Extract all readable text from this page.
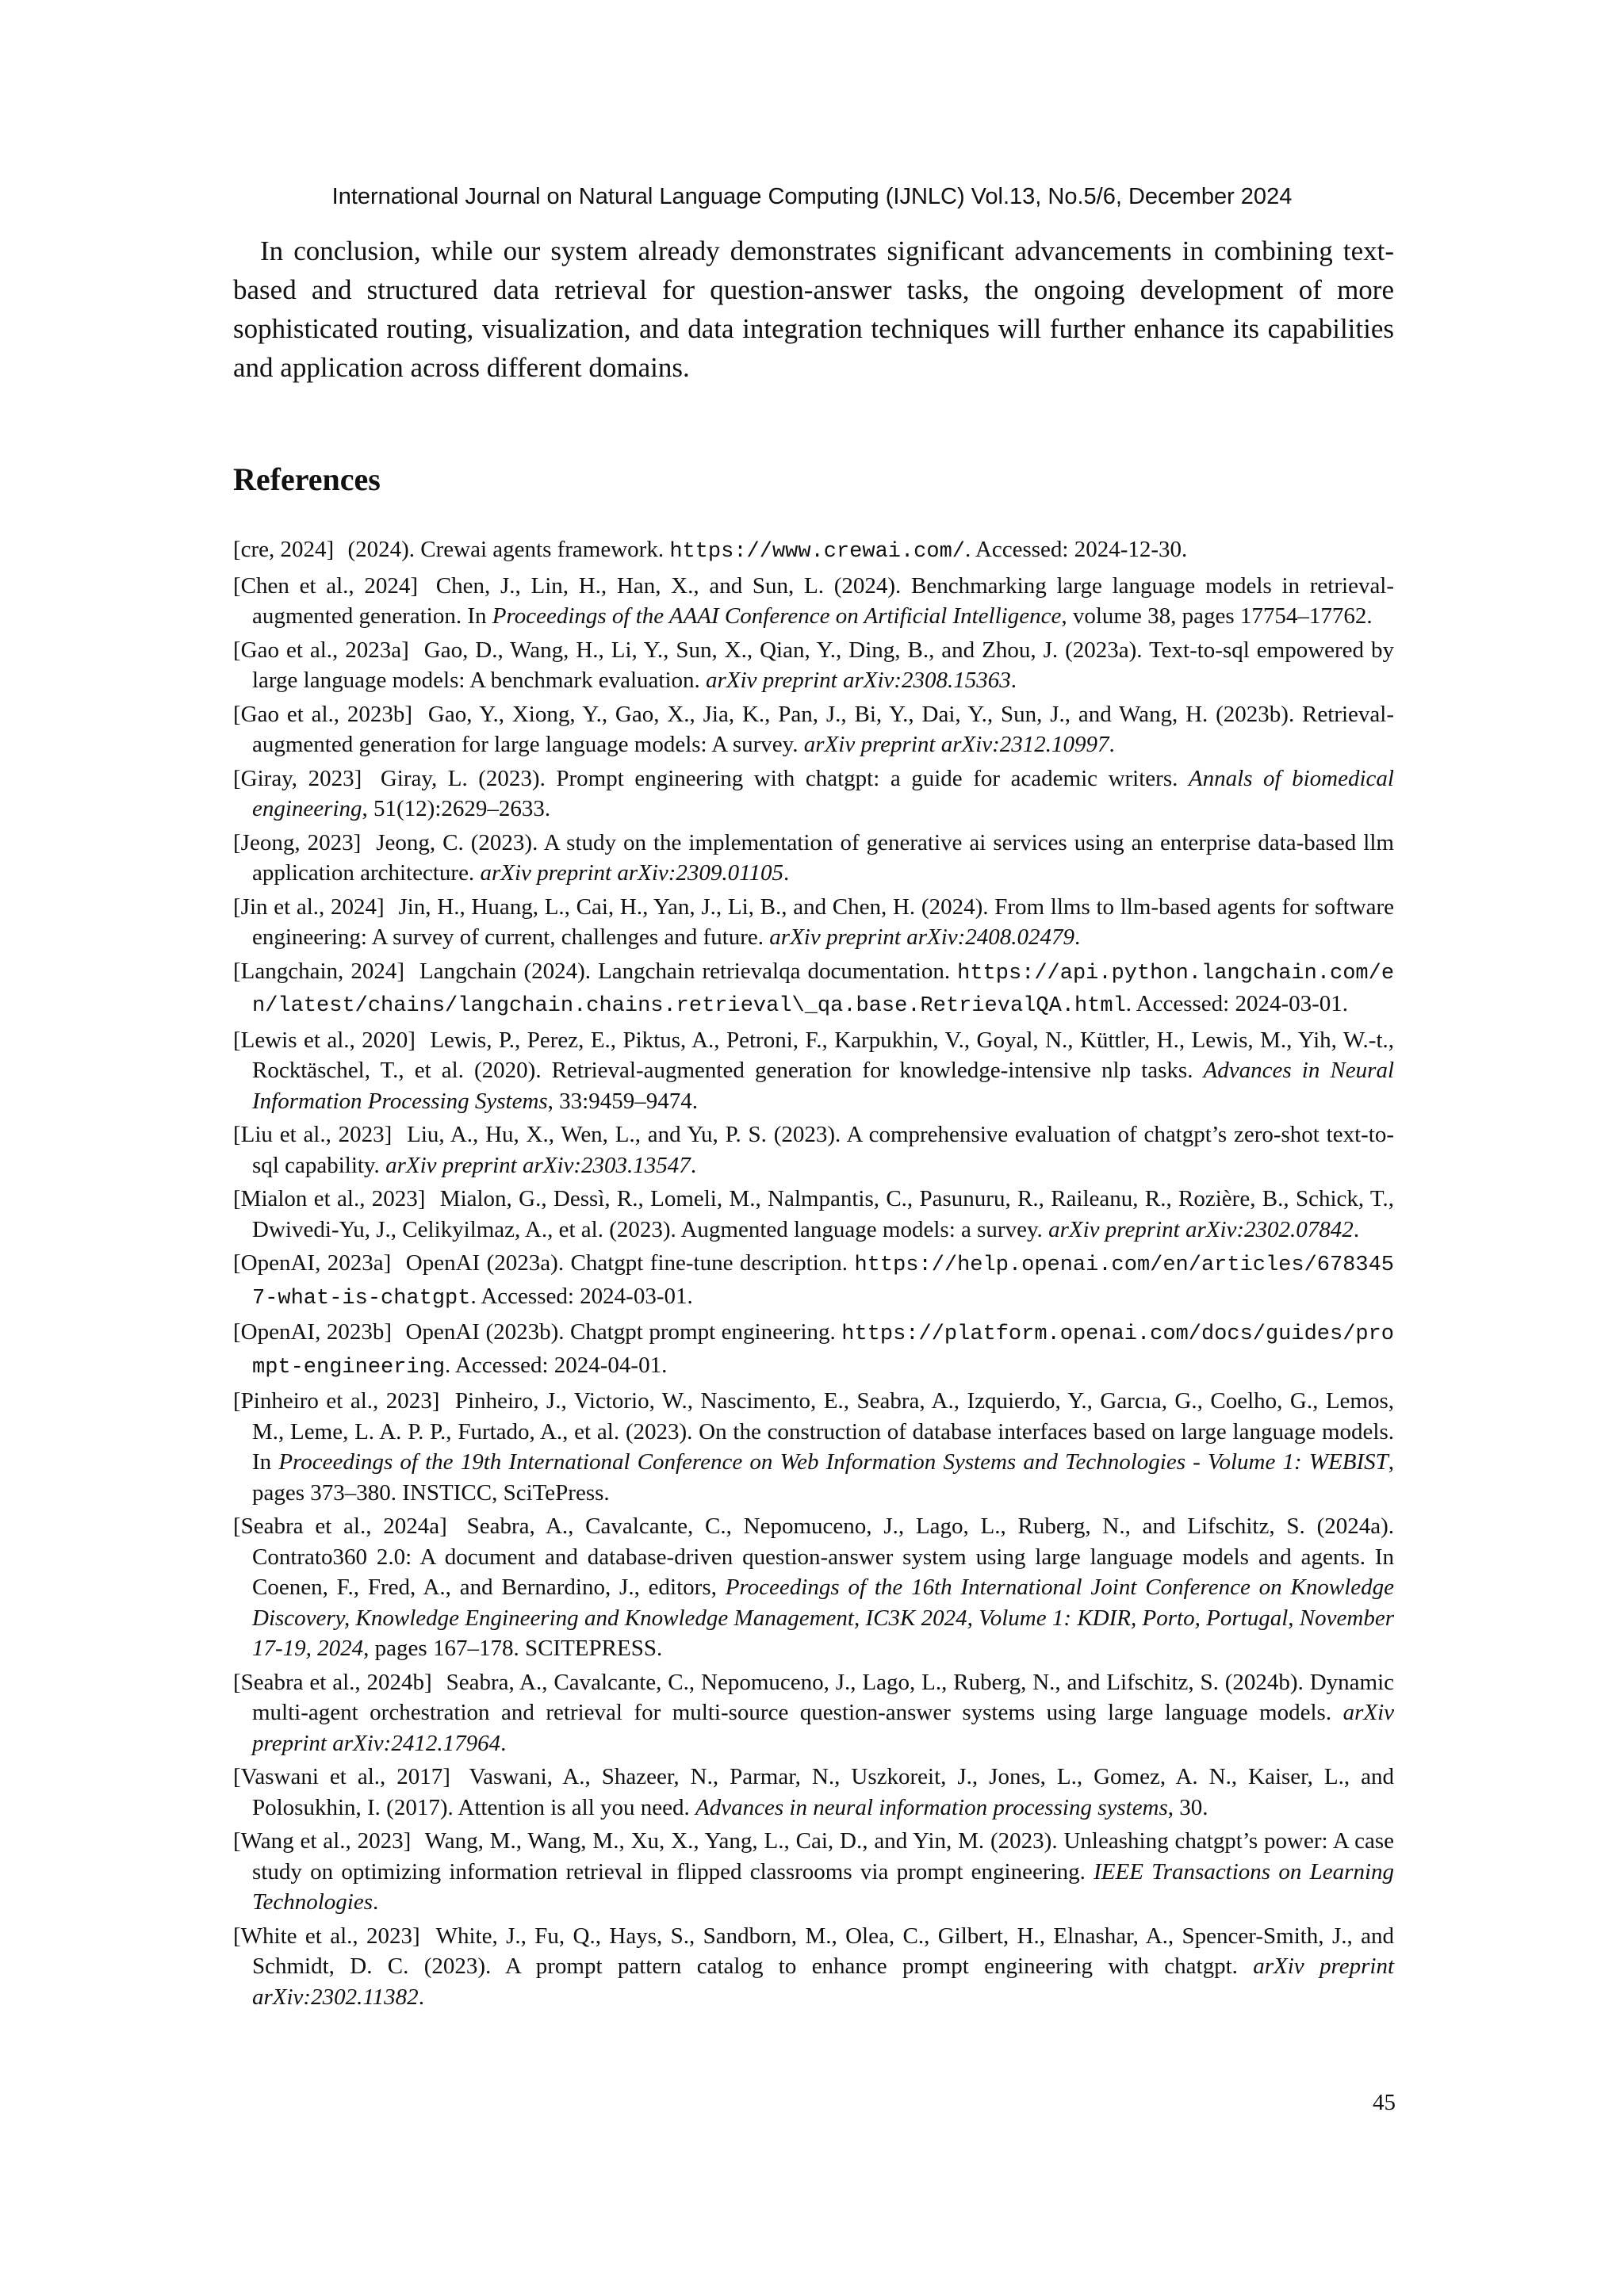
International Journal on Natural Language Computing (IJNLC) Vol.13, No.5/6, December 2024

In conclusion, while our system already demonstrates significant advancements in combining text-based and structured data retrieval for question-answer tasks, the ongoing development of more sophisticated routing, visualization, and data integration techniques will further enhance its capabilities and application across different domains.

References
[cre, 2024] (2024). Crewai agents framework. https://www.crewai.com/. Accessed: 2024-12-30.
[Chen et al., 2024] Chen, J., Lin, H., Han, X., and Sun, L. (2024). Benchmarking large language models in retrieval-augmented generation. In Proceedings of the AAAI Conference on Artificial Intelligence, volume 38, pages 17754–17762.
[Gao et al., 2023a] Gao, D., Wang, H., Li, Y., Sun, X., Qian, Y., Ding, B., and Zhou, J. (2023a). Text-to-sql empowered by large language models: A benchmark evaluation. arXiv preprint arXiv:2308.15363.
[Gao et al., 2023b] Gao, Y., Xiong, Y., Gao, X., Jia, K., Pan, J., Bi, Y., Dai, Y., Sun, J., and Wang, H. (2023b). Retrieval-augmented generation for large language models: A survey. arXiv preprint arXiv:2312.10997.
[Giray, 2023] Giray, L. (2023). Prompt engineering with chatgpt: a guide for academic writers. Annals of biomedical engineering, 51(12):2629–2633.
[Jeong, 2023] Jeong, C. (2023). A study on the implementation of generative ai services using an enterprise data-based llm application architecture. arXiv preprint arXiv:2309.01105.
[Jin et al., 2024] Jin, H., Huang, L., Cai, H., Yan, J., Li, B., and Chen, H. (2024). From llms to llm-based agents for software engineering: A survey of current, challenges and future. arXiv preprint arXiv:2408.02479.
[Langchain, 2024] Langchain (2024). Langchain retrievalqa documentation. https://api.python.langchain.com/en/latest/chains/langchain.chains.retrieval\_qa.base.RetrievalQA.html. Accessed: 2024-03-01.
[Lewis et al., 2020] Lewis, P., Perez, E., Piktus, A., Petroni, F., Karpukhin, V., Goyal, N., Küttler, H., Lewis, M., Yih, W.-t., Rocktäschel, T., et al. (2020). Retrieval-augmented generation for knowledge-intensive nlp tasks. Advances in Neural Information Processing Systems, 33:9459–9474.
[Liu et al., 2023] Liu, A., Hu, X., Wen, L., and Yu, P. S. (2023). A comprehensive evaluation of chatgpt’s zero-shot text-to-sql capability. arXiv preprint arXiv:2303.13547.
[Mialon et al., 2023] Mialon, G., Dessì, R., Lomeli, M., Nalmpantis, C., Pasunuru, R., Raileanu, R., Rozière, B., Schick, T., Dwivedi-Yu, J., Celikyilmaz, A., et al. (2023). Augmented language models: a survey. arXiv preprint arXiv:2302.07842.
[OpenAI, 2023a] OpenAI (2023a). Chatgpt fine-tune description. https://help.openai.com/en/articles/6783457-what-is-chatgpt. Accessed: 2024-03-01.
[OpenAI, 2023b] OpenAI (2023b). Chatgpt prompt engineering. https://platform.openai.com/docs/guides/prompt-engineering. Accessed: 2024-04-01.
[Pinheiro et al., 2023] Pinheiro, J., Victorio, W., Nascimento, E., Seabra, A., Izquierdo, Y., Garcıa, G., Coelho, G., Lemos, M., Leme, L. A. P. P., Furtado, A., et al. (2023). On the construction of database interfaces based on large language models. In Proceedings of the 19th International Conference on Web Information Systems and Technologies - Volume 1: WEBIST, pages 373–380. INSTICC, SciTePress.
[Seabra et al., 2024a] Seabra, A., Cavalcante, C., Nepomuceno, J., Lago, L., Ruberg, N., and Lifschitz, S. (2024a). Contrato360 2.0: A document and database-driven question-answer system using large language models and agents. In Coenen, F., Fred, A., and Bernardino, J., editors, Proceedings of the 16th International Joint Conference on Knowledge Discovery, Knowledge Engineering and Knowledge Management, IC3K 2024, Volume 1: KDIR, Porto, Portugal, November 17-19, 2024, pages 167–178. SCITEPRESS.
[Seabra et al., 2024b] Seabra, A., Cavalcante, C., Nepomuceno, J., Lago, L., Ruberg, N., and Lifschitz, S. (2024b). Dynamic multi-agent orchestration and retrieval for multi-source question-answer systems using large language models. arXiv preprint arXiv:2412.17964.
[Vaswani et al., 2017] Vaswani, A., Shazeer, N., Parmar, N., Uszkoreit, J., Jones, L., Gomez, A. N., Kaiser, L., and Polosukhin, I. (2017). Attention is all you need. Advances in neural information processing systems, 30.
[Wang et al., 2023] Wang, M., Wang, M., Xu, X., Yang, L., Cai, D., and Yin, M. (2023). Unleashing chatgpt’s power: A case study on optimizing information retrieval in flipped classrooms via prompt engineering. IEEE Transactions on Learning Technologies.
[White et al., 2023] White, J., Fu, Q., Hays, S., Sandborn, M., Olea, C., Gilbert, H., Elnashar, A., Spencer-Smith, J., and Schmidt, D. C. (2023). A prompt pattern catalog to enhance prompt engineering with chatgpt. arXiv preprint arXiv:2302.11382.
45
